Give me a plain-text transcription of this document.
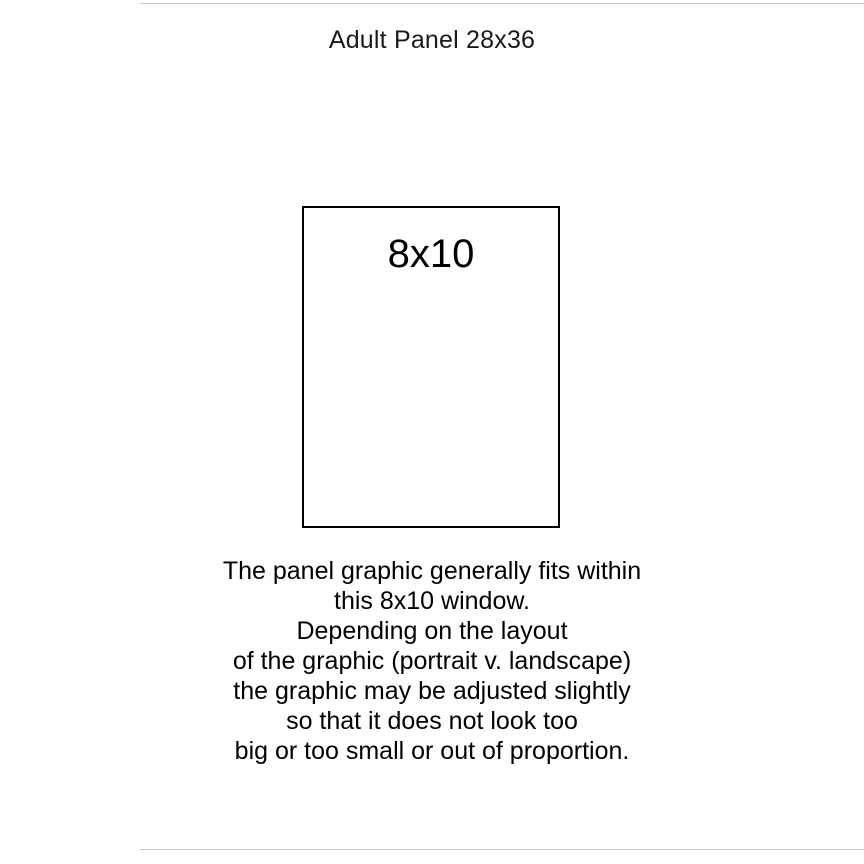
Adult Panel 28x36
8x10
The panel graphic generally fits within
this 8x10 window.
Depending on the layout
of the graphic (portrait v. landscape)
the graphic may be adjusted slightly
so that it does not look too
big or too small or out of proportion.
